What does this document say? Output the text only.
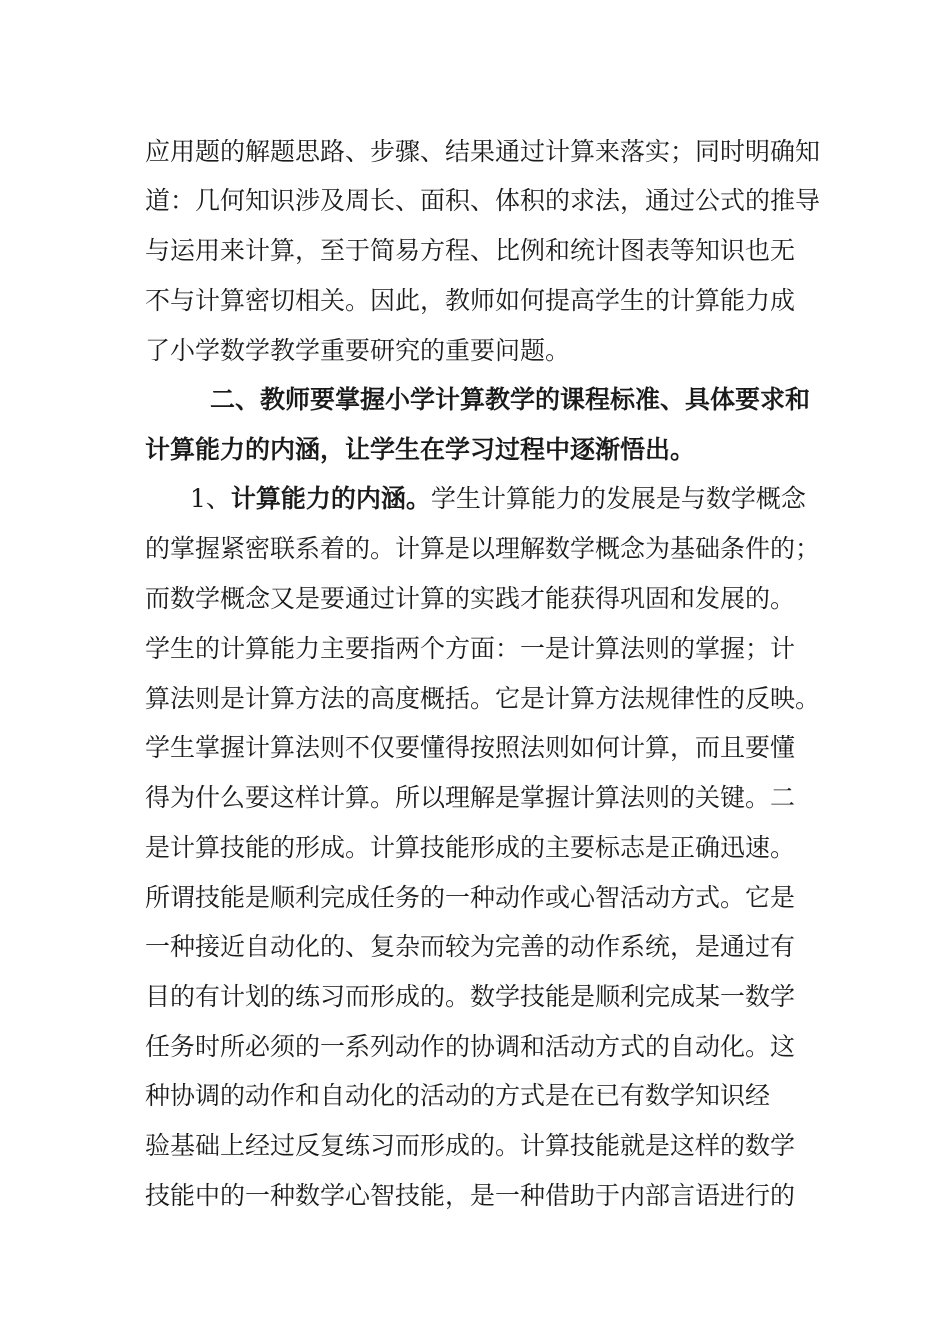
应用题的解题思路、步骤、结果通过计算来落实；同时明确知
道：几何知识涉及周长、面积、体积的求法，通过公式的推导
与运用来计算，至于简易方程、比例和统计图表等知识也无
不与计算密切相关。因此，教师如何提高学生的计算能力成
了小学数学教学重要研究的重要问题。
二、教师要掌握小学计算教学的课程标准、具体要求和
计算能力的内涵，让学生在学习过程中逐渐悟出。
1、计算能力的内涵。学生计算能力的发展是与数学概念
的掌握紧密联系着的。计算是以理解数学概念为基础条件的；
而数学概念又是要通过计算的实践才能获得巩固和发展的。
学生的计算能力主要指两个方面：一是计算法则的掌握；计
算法则是计算方法的高度概括。它是计算方法规律性的反映。
学生掌握计算法则不仅要懂得按照法则如何计算，而且要懂
得为什么要这样计算。所以理解是掌握计算法则的关键。二
是计算技能的形成。计算技能形成的主要标志是正确迅速。
所谓技能是顺利完成任务的一种动作或心智活动方式。它是
一种接近自动化的、复杂而较为完善的动作系统，是通过有
目的有计划的练习而形成的。数学技能是顺利完成某一数学
任务时所必须的一系列动作的协调和活动方式的自动化。这
种协调的动作和自动化的活动的方式是在已有数学知识经
验基础上经过反复练习而形成的。计算技能就是这样的数学
技能中的一种数学心智技能，是一种借助于内部言语进行的
